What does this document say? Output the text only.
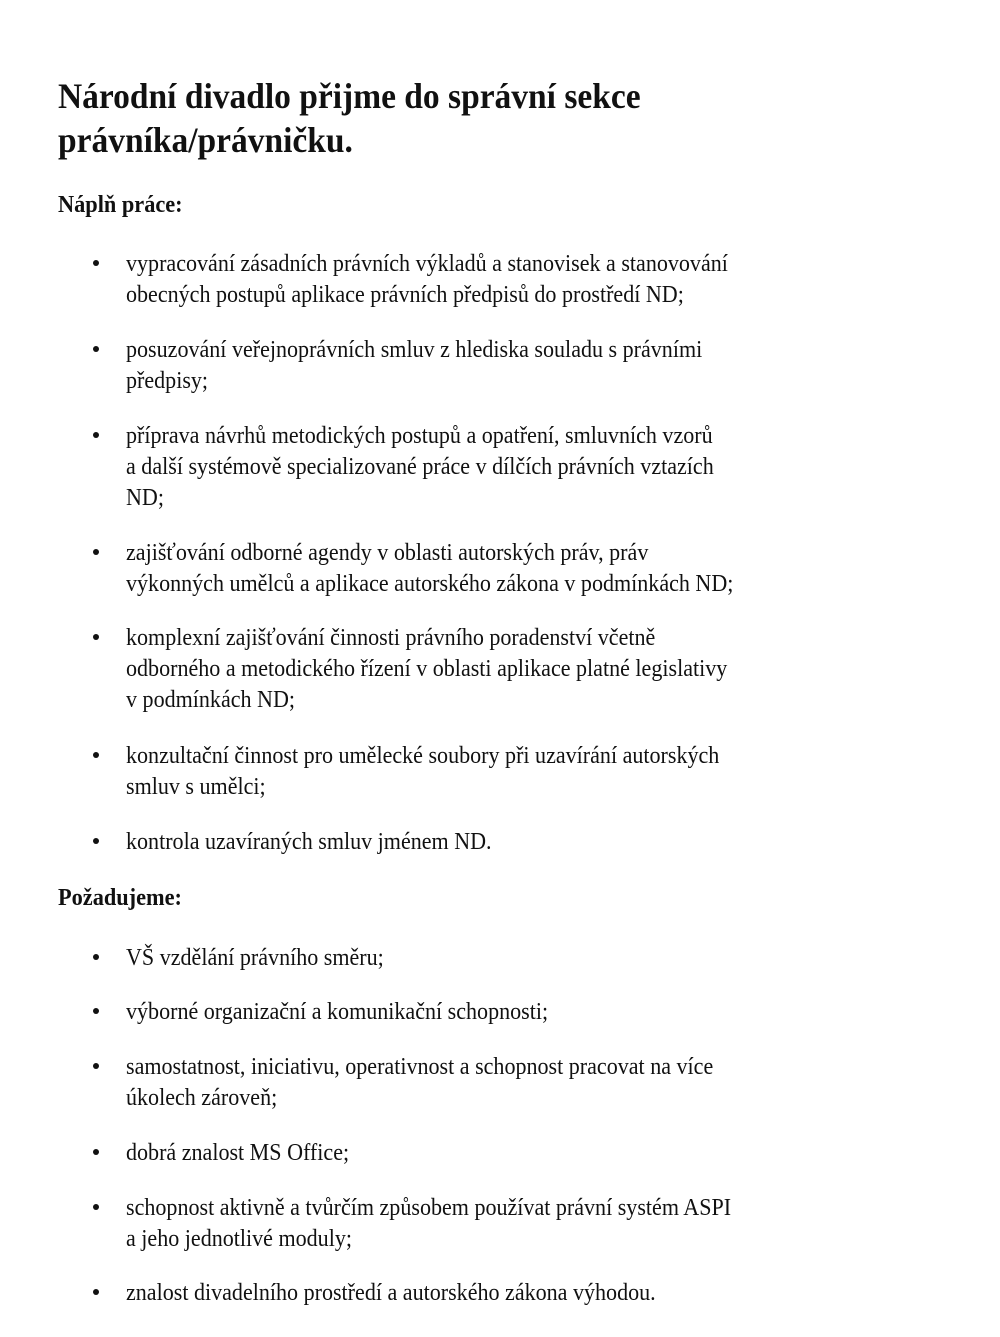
Národní divadlo přijme do správní sekce
právníka/právničku.
Náplň práce:
vypracování zásadních právních výkladů a stanovisek a stanovování
obecných postupů aplikace právních předpisů do prostředí ND;
posuzování veřejnoprávních smluv z hlediska souladu s právními
předpisy;
příprava návrhů metodických postupů a opatření, smluvních vzorů
a další systémově specializované práce v dílčích právních vztazích
ND;
zajišťování odborné agendy v oblasti autorských práv, práv
výkonných umělců a aplikace autorského zákona v podmínkách ND;
komplexní zajišťování činnosti právního poradenství včetně
odborného a metodického řízení v oblasti aplikace platné legislativy
v podmínkách ND;
konzultační činnost pro umělecké soubory při uzavírání autorských
smluv s umělci;
kontrola uzavíraných smluv jménem ND.
Požadujeme:
VŠ vzdělání právního směru;
výborné organizační a komunikační schopnosti;
samostatnost, iniciativu, operativnost a schopnost pracovat na více
úkolech zároveň;
dobrá znalost MS Office;
schopnost aktivně a tvůrčím způsobem používat právní systém ASPI
a jeho jednotlivé moduly;
znalost divadelního prostředí a autorského zákona výhodou.
